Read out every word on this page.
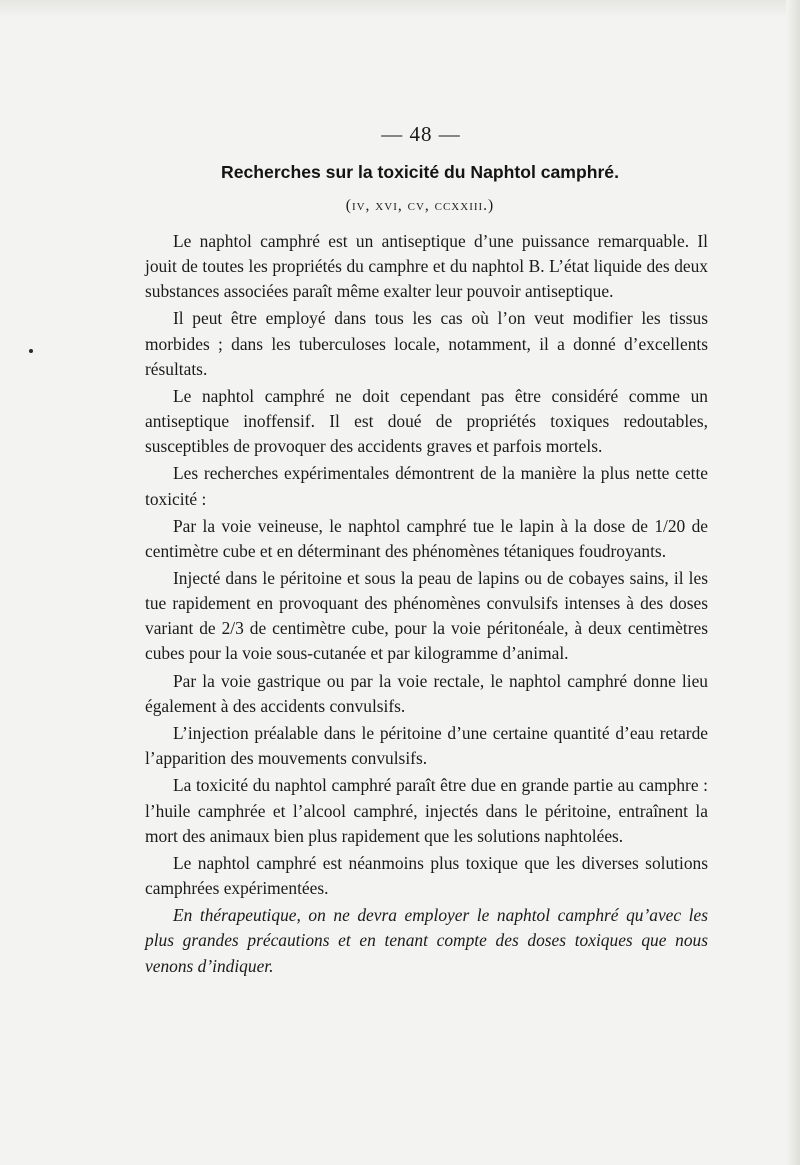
— 48 —
Recherches sur la toxicité du Naphtol camphré.
(iv, xvi, cv, ccxxiii.)

Le naphtol camphré est un antiseptique d’une puissance remarquable. Il jouit de toutes les propriétés du camphre et du naphtol B. L’état liquide des deux substances associées paraît même exalter leur pouvoir antiseptique.

Il peut être employé dans tous les cas où l’on veut modifier les tissus morbides ; dans les tuberculoses locale, notamment, il a donné d’excellents résultats.

Le naphtol camphré ne doit cependant pas être considéré comme un antiseptique inoffensif. Il est doué de propriétés toxiques redoutables, susceptibles de provoquer des accidents graves et parfois mortels.

Les recherches expérimentales démontrent de la manière la plus nette cette toxicité :

Par la voie veineuse, le naphtol camphré tue le lapin à la dose de 1/20 de centimètre cube et en déterminant des phénomènes tétaniques foudroyants.

Injecté dans le péritoine et sous la peau de lapins ou de cobayes sains, il les tue rapidement en provoquant des phénomènes convulsifs intenses à des doses variant de 2/3 de centimètre cube, pour la voie péritonéale, à deux centimètres cubes pour la voie sous-cutanée et par kilogramme d’animal.

Par la voie gastrique ou par la voie rectale, le naphtol camphré donne lieu également à des accidents convulsifs.

L’injection préalable dans le péritoine d’une certaine quantité d’eau retarde l’apparition des mouvements convulsifs.

La toxicité du naphtol camphré paraît être due en grande partie au camphre : l’huile camphrée et l’alcool camphré, injectés dans le péritoine, entraînent la mort des animaux bien plus rapidement que les solutions naphtolées.

Le naphtol camphré est néanmoins plus toxique que les diverses solutions camphrées expérimentées.

En thérapeutique, on ne devra employer le naphtol camphré qu’avec les plus grandes précautions et en tenant compte des doses toxiques que nous venons d’indiquer.
